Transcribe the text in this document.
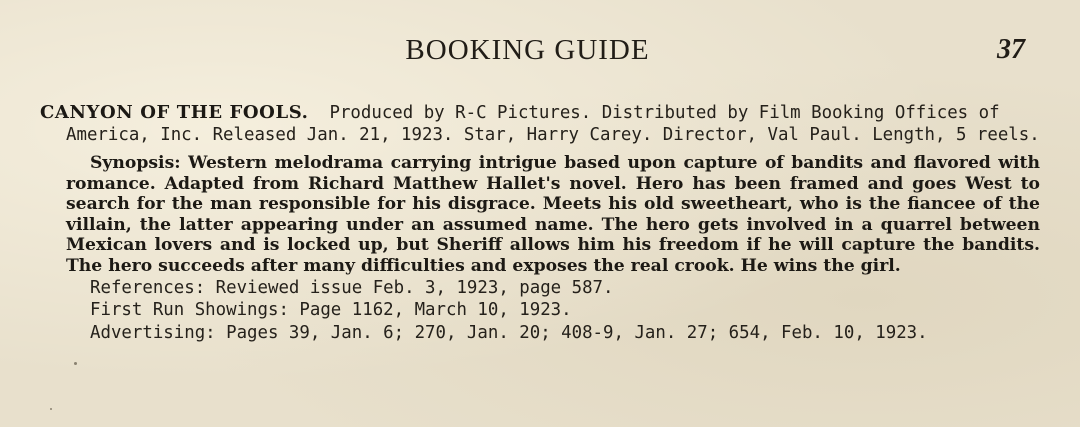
BOOKING GUIDE	37

CANYON OF THE FOOLS. Produced by R-C Pictures. Distributed by Film Booking Offices of America, Inc. Released Jan. 21, 1923. Star, Harry Carey. Director, Val Paul. Length, 5 reels.

Synopsis: Western melodrama carrying intrigue based upon capture of bandits and flavored with romance. Adapted from Richard Matthew Hallet's novel. Hero has been framed and goes West to search for the man responsible for his disgrace. Meets his old sweetheart, who is the fiancee of the villain, the latter appearing under an assumed name. The hero gets involved in a quarrel between Mexican lovers and is locked up, but Sheriff allows him his freedom if he will capture the bandits. The hero succeeds after many difficulties and exposes the real crook. He wins the girl.

References: Reviewed issue Feb. 3, 1923, page 587.
First Run Showings: Page 1162, March 10, 1923.
Advertising: Pages 39, Jan. 6; 270, Jan. 20; 408-9, Jan. 27; 654, Feb. 10, 1923.
